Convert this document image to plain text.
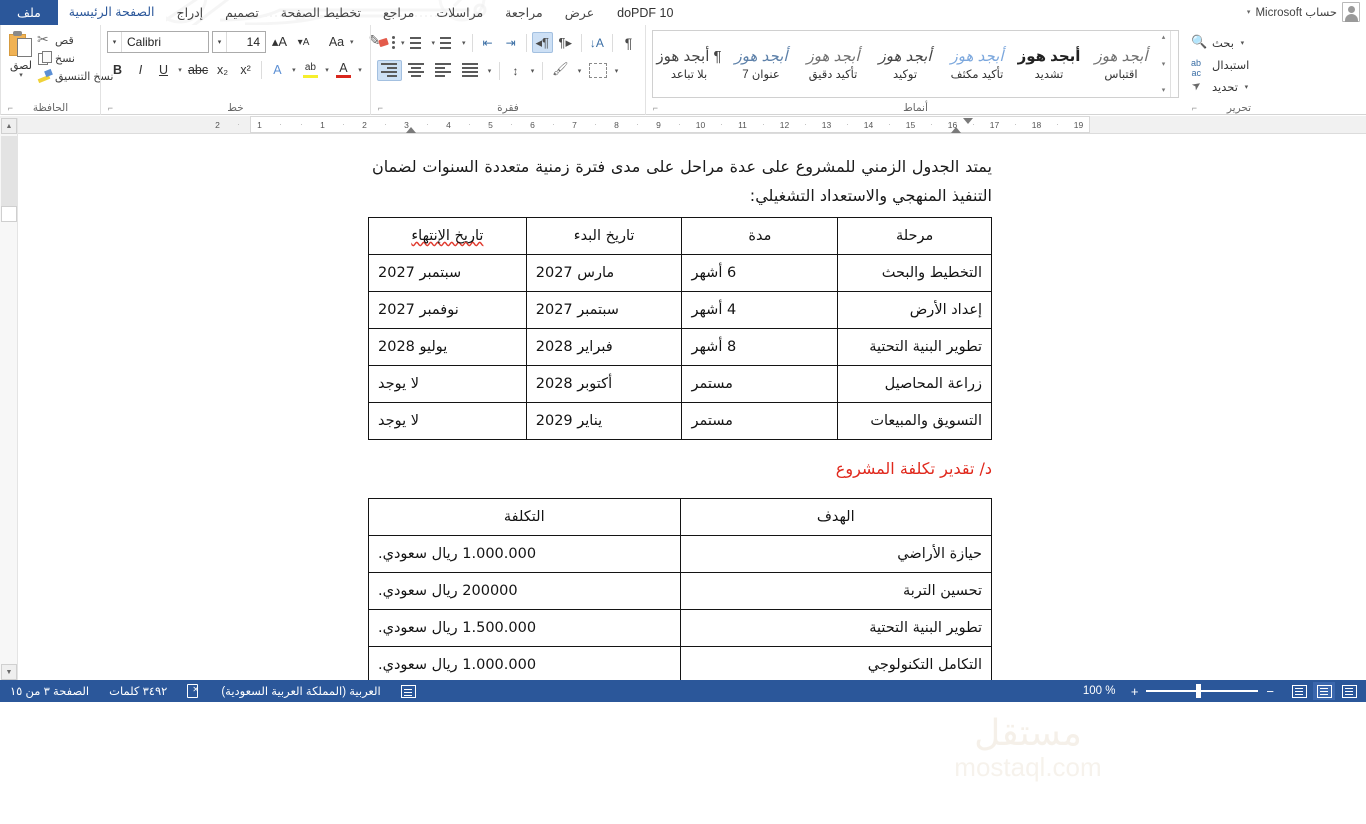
حساب Microsoft
▾
ملف	الصفحة الرئيسية	إدراج	تصميم	تخطيط الصفحة	مراجع	مراسلات	مراجعة	عرض	doPDF 10
لصق
▾
✂
قص
نسخ
نسخ التنسيق
الحافظة
⌐
▾ Calibri	▾	14 A▴	A▾	Aa ▾
✎
B I U	▾ abc x₂ x² A	▾ ab	▾ A	▾
خط
⌐
▾	▾	▾ ⇤ ⇥ ¶◂ ▸¶ A↓ ¶
▾ ↕	▾ 🖌	▾	▾
فقرة
⌐
¶ أبجد هوز
بلا تباعد
أبجد هوز
عنوان 7
أبجد هوز
تأكيد دقيق
أبجد هوز
توكيد
أبجد هوز
تأكيد مكثف
أبجد هوز
تشديد
أبجد هوز
اقتباس
▴
▾
▾
أنماط
⌐
🔍
بحث ▾
ab
ac
استبدال
➤
تحديد ▾
تحرير
⌐
19
·
18
·
17
·
16
·
15
·
14
·
13
·
12
·
11
·
10
·
9
·
8
·
7
·
6
·
5
·
4
·
3
·
2
·
1
·
·
1
·
2
مستقل
mostaql.com
يمتد الجدول الزمني للمشروع على عدة مراحل على مدى فترة زمنية متعددة السنوات لضمان التنفيذ المنهجي والاستعداد التشغيلي:
مرحلة	مدة	تاريخ البدء	تاريخ الإنتهاء
التخطيط والبحث	6 أشهر	مارس 2027	سبتمبر 2027
إعداد الأرض	4 أشهر	سبتمبر 2027	نوفمبر 2027
تطوير البنية التحتية	8 أشهر	فبراير 2028	يوليو 2028
زراعة المحاصيل	مستمر	أكتوبر 2028	لا يوجد
التسويق والمبيعات	مستمر	يناير 2029	لا يوجد
د/ تقدير تكلفة المشروع
الهدف	التكلفة
حيازة الأراضي	1.000.000 ريال سعودي.
تحسين التربة	200000 ريال سعودي.
تطوير البنية التحتية	1.500.000 ريال سعودي.
التكامل التكنولوجي	1.000.000 ريال سعودي.
▲
▼
الصفحة ٣ من ١٥	٣٤٩٢ كلمات ✕	العربية (المملكة العربية السعودية)	100 %	+	−
